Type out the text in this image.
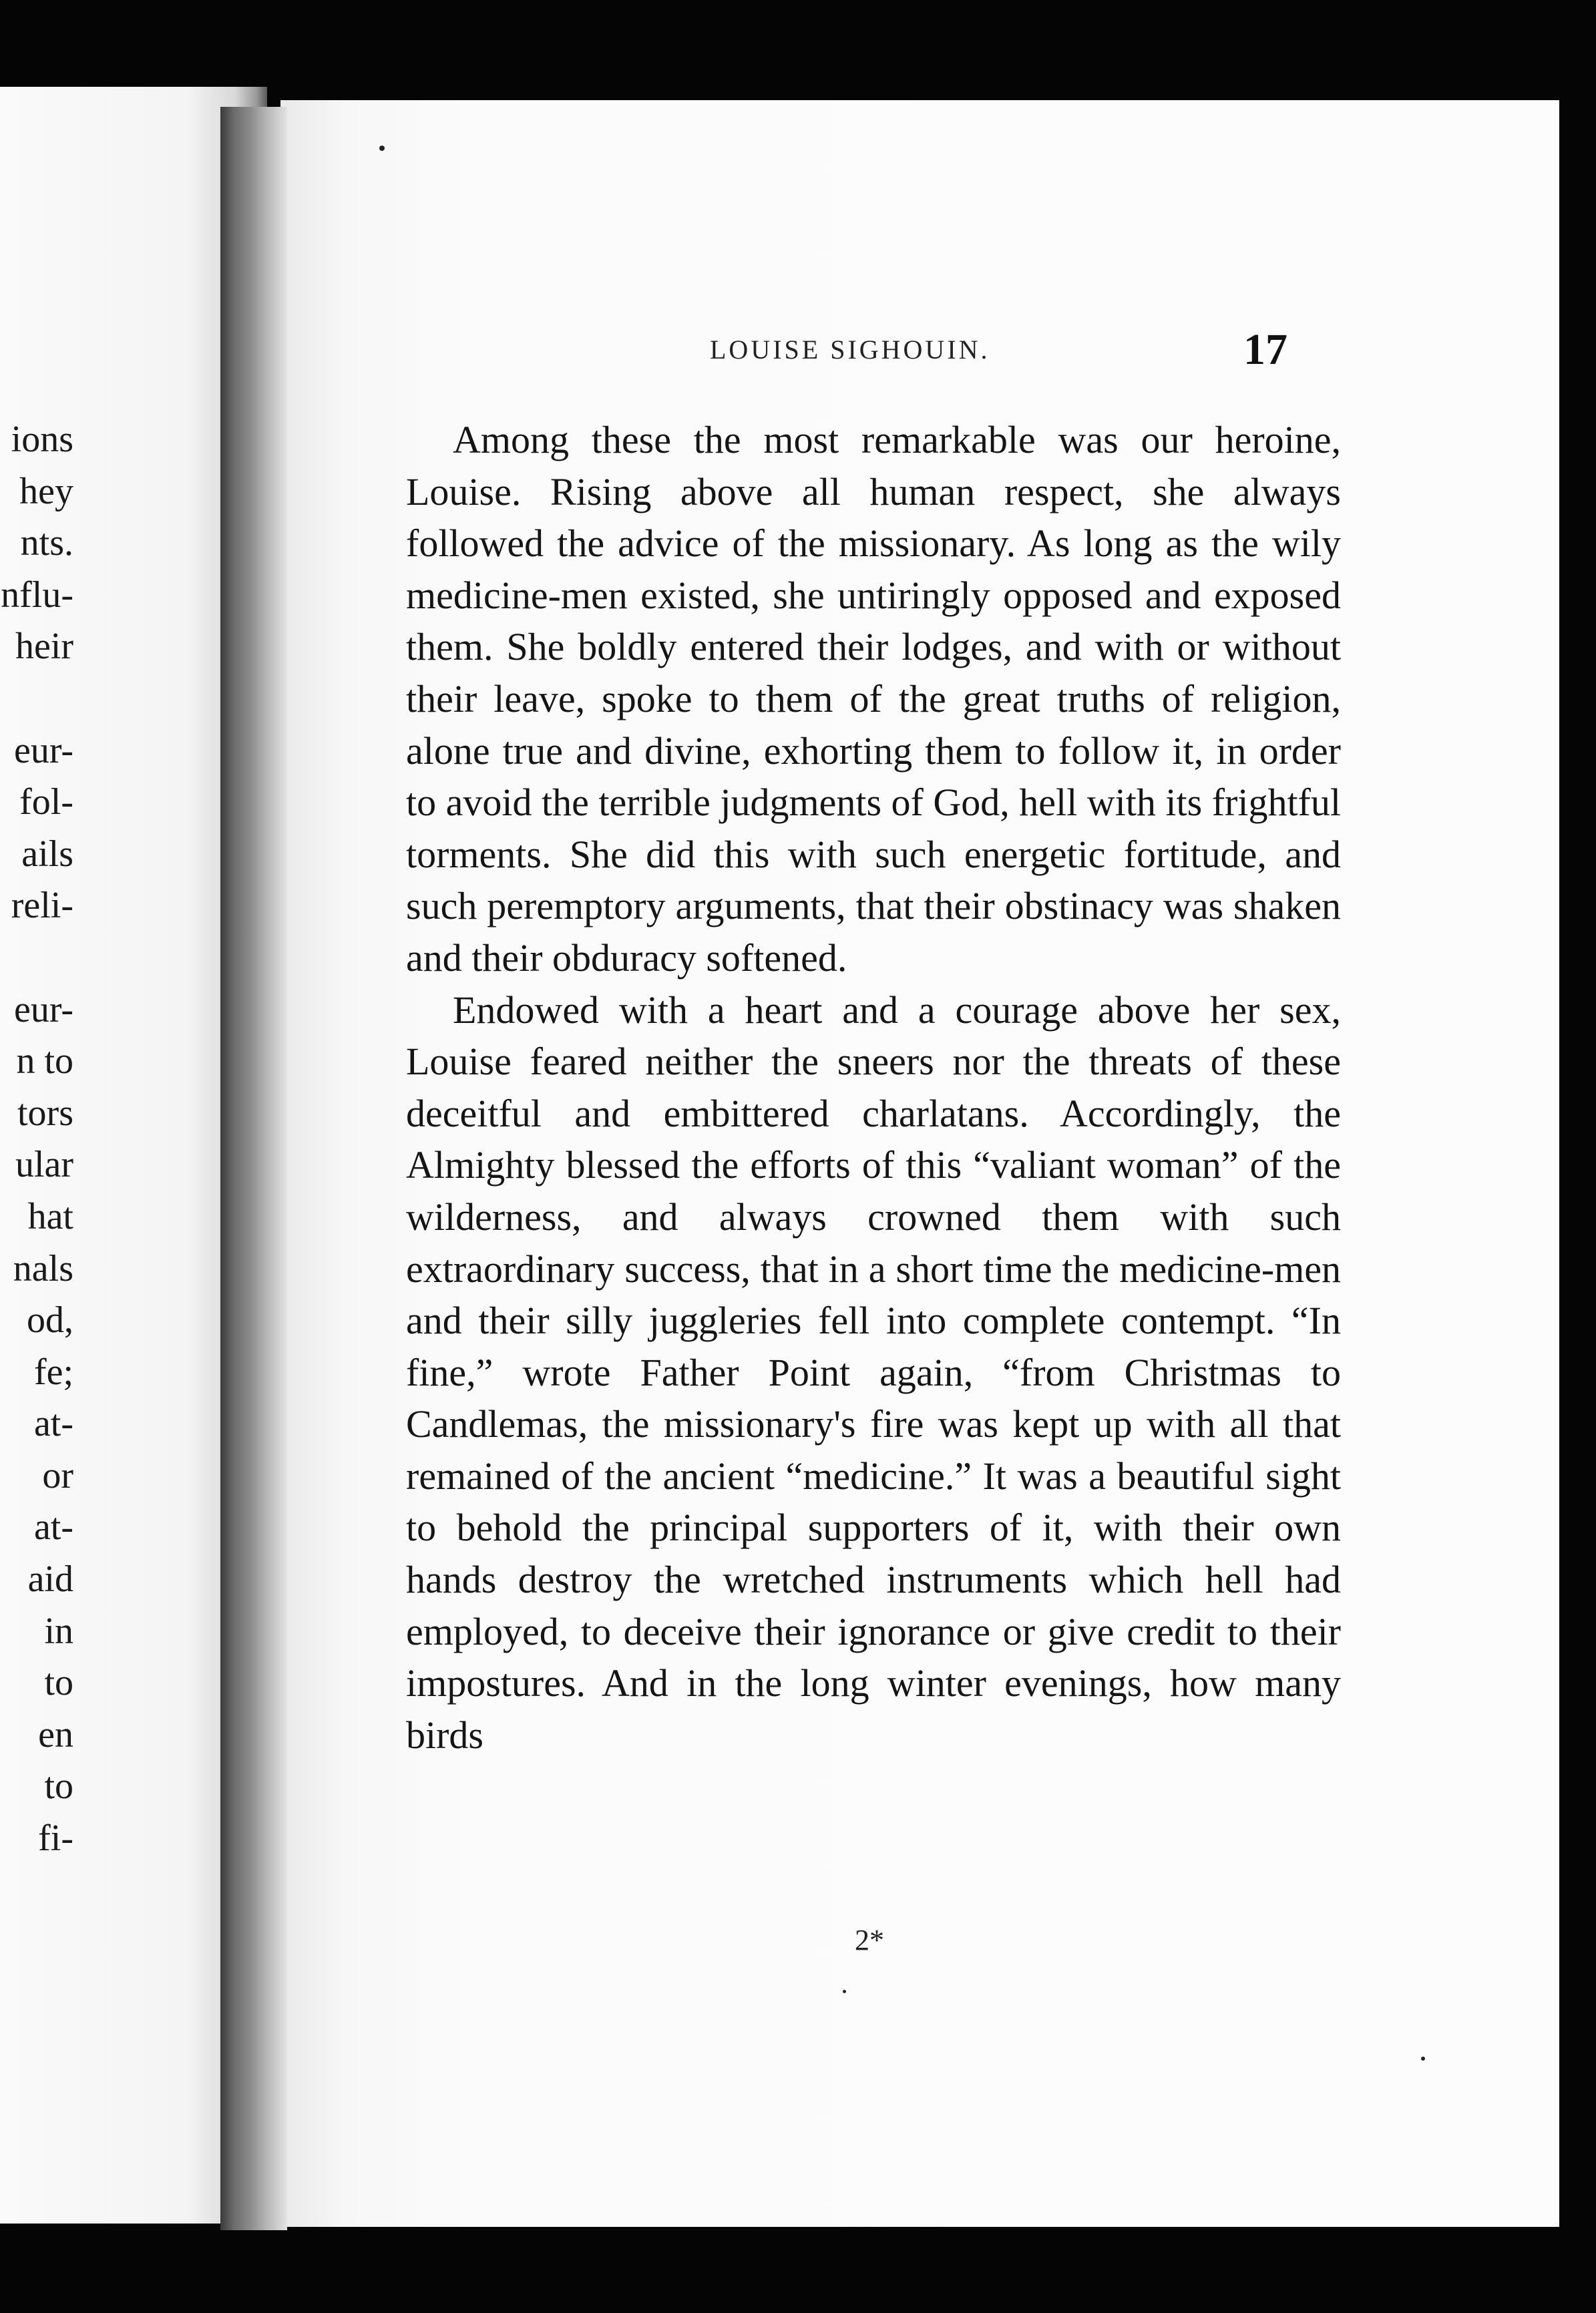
ions
hey
nts.
nflu-
heir
eur-
fol-
ails
reli-
eur-
n to
tors
ular
hat
nals
od,
fe;
at-
or
at-
aid
in
to
en
to
fi-
LOUISE SIGHOUIN.	17

Among these the most remarkable was our heroine, Louise. Rising above all human respect, she always followed the advice of the missionary. As long as the wily medicine-men existed, she untiringly opposed and exposed them. She boldly entered their lodges, and with or without their leave, spoke to them of the great truths of religion, alone true and divine, exhorting them to follow it, in order to avoid the terrible judgments of God, hell with its frightful torments. She did this with such energetic fortitude, and such peremptory arguments, that their obstinacy was shaken and their obduracy softened.

Endowed with a heart and a courage above her sex, Louise feared neither the sneers nor the threats of these deceitful and embittered charlatans. Accordingly, the Almighty blessed the efforts of this “valiant woman” of the wilderness, and always crowned them with such extraordinary success, that in a short time the medicine-men and their silly juggleries fell into complete contempt. “In fine,” wrote Father Point again, “from Christmas to Candlemas, the missionary's fire was kept up with all that remained of the ancient “medicine.” It was a beautiful sight to behold the principal supporters of it, with their own hands destroy the wretched instruments which hell had employed, to deceive their ignorance or give credit to their impostures. And in the long winter evenings, how many birds

2*
